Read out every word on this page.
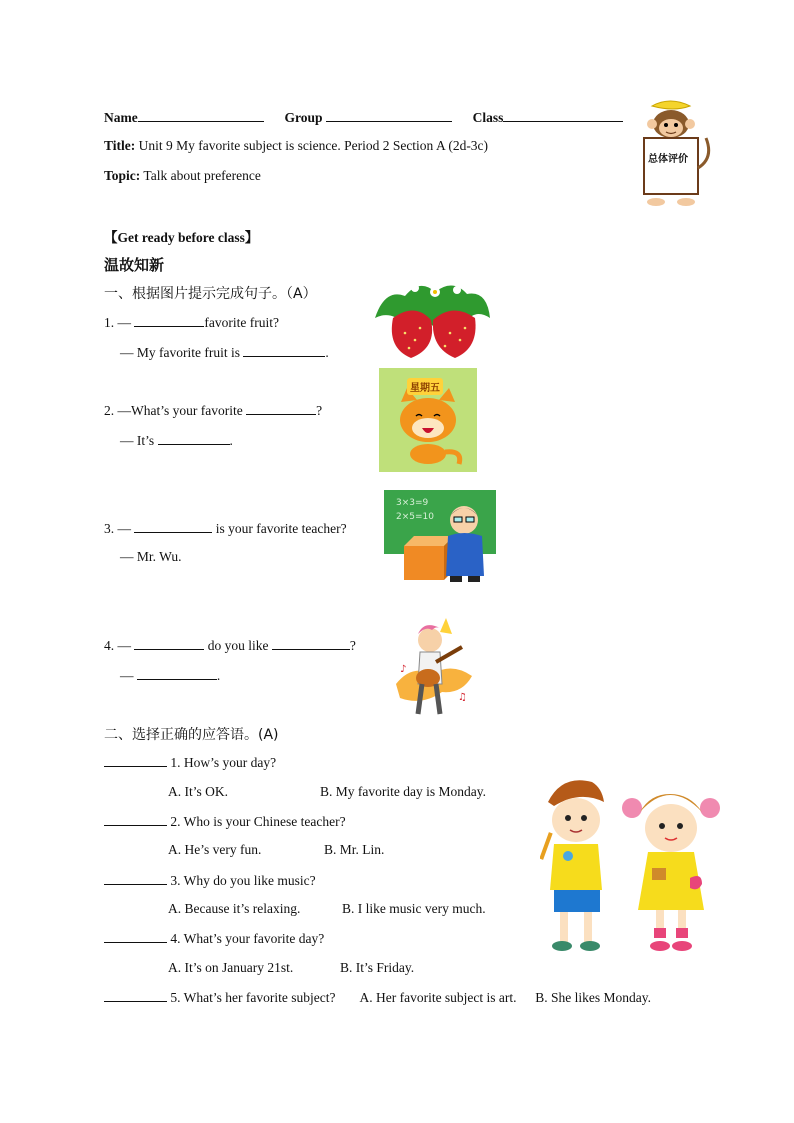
Name	Group	Class
Title: Unit 9 My favorite subject is science. Period 2 Section A (2d-3c)
Topic: Talk about preference
总体评价
【Get ready before class】
温故知新
一、根据图片提示完成句子。（A）
1. —	favorite fruit?
— My favorite fruit is	.
2. —What’s your favorite	?
— It’s	.
星期五
3. —	is your favorite teacher?
— Mr. Wu.
3×3=9
2×5=10
4. —	do you like	?
—	.	♪
♫
二、选择正确的应答语。(A)
1. How’s your day?
A. It’s OK.	B. My favorite day is Monday.
2. Who is your Chinese teacher?
A. He’s very fun.	B. Mr. Lin.
3. Why do you like music?
A. Because it’s relaxing.	B. I like music very much.
4. What’s your favorite day?
A. It’s on January 21st.	B. It’s Friday.
5. What’s her favorite subject? A. Her favorite subject is art. B. She likes Monday.
